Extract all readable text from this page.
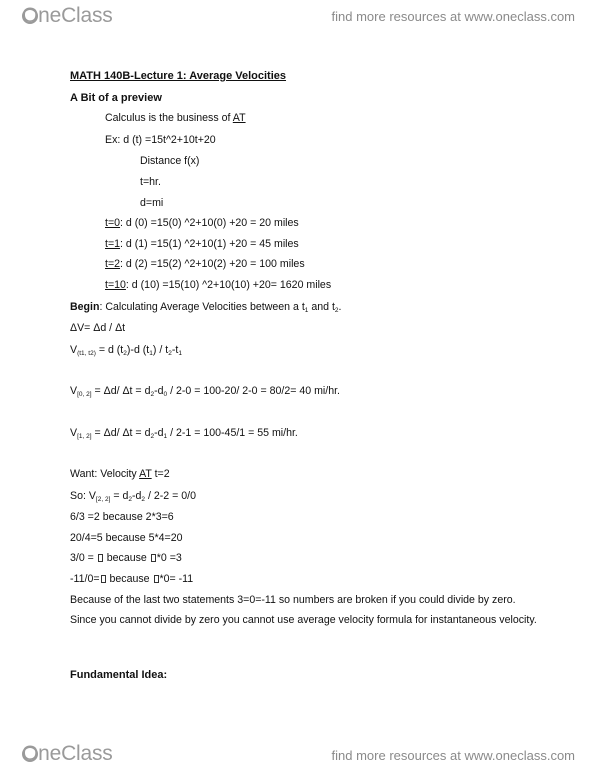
OneClass	find more resources at www.oneclass.com
MATH 140B-Lecture 1: Average Velocities
A Bit of a preview
Calculus is the business of AT
Ex: d (t) =15t^2+10t+20
Distance f(x)
t=hr.
d=mi
t=0: d (0) =15(0) ^2+10(0) +20 = 20 miles
t=1: d (1) =15(1) ^2+10(1) +20 = 45 miles
t=2: d (2) =15(2) ^2+10(2) +20 = 100 miles
t=10: d (10) =15(10) ^2+10(10) +20= 1620 miles
Begin: Calculating Average Velocities between a $t_1$ and $t_2$.
ΔV= Δd / Δt
$V_{(t1, t2)} = d$ $(t_2)-d$ $(t_1) / t_2-t_1$
$V_{[0, 2]} = \Delta d/$ $\Delta t = d_2-d_0 / 2-0 = 100-20/$ 2-0 = 80/2= 40 mi/hr.
$V_{[1, 2]} = \Delta d/$ $\Delta t = d_2-d_1 / 2-1 = 100-45/1 = 55$ mi/hr.
Want: Velocity AT t=2
So: $V_{[2, 2]} = d_2-d_2 / 2-2 = 0/0$
6/3 =2 because 2*3=6
20/4=5 because 5*4=20
3/0 =  because *0 =3
-11/0= because *0= -11
Because of the last two statements 3=0=-11 so numbers are broken if you could divide by zero.
Since you cannot divide by zero you cannot use average velocity formula for instantaneous velocity.
Fundamental Idea:
OneClass	find more resources at www.oneclass.com
